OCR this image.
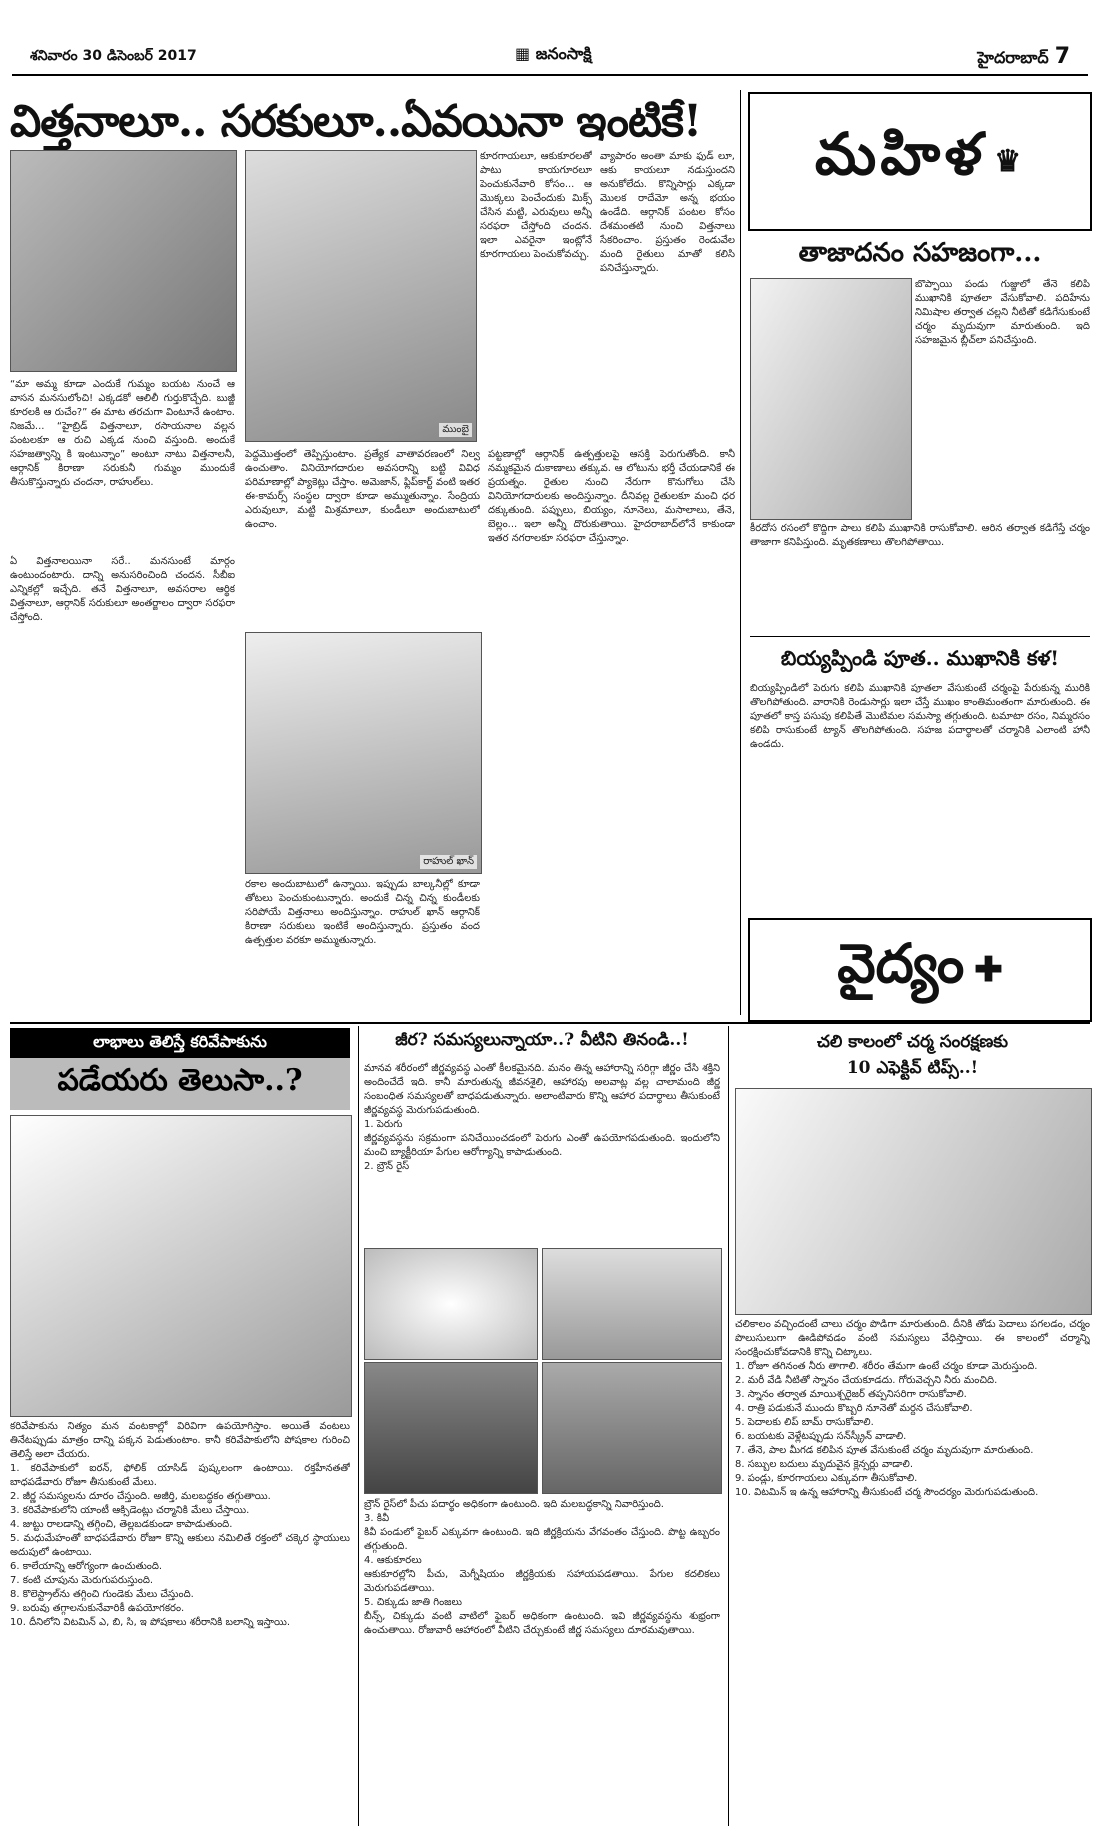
శనివారం 30 డిసెంబర్ 2017	▦ జనంసాక్షి	హైదరాబాద్ 7
విత్తనాలూ.. సరకులూ..ఏవయినా ఇంటికే!
ముంబై
కూరగాయలూ, ఆకుకూరలతో పాటు కాయగూరలూ పెంచుకునేవారి కోసం... ఆ మొక్కలు పెంచేందుకు మిక్స్ చేసిన మట్టి, ఎరువులు అన్నీ సరఫరా చేస్తోంది చందన. ఇలా ఎవరైనా ఇంట్లోనే కూరగాయలు పెంచుకోవచ్చు.
వ్యాపారం అంతా మాకు ఫుడ్ లూ, ఆకు కాయలూ నడుస్తుందని అనుకోలేదు. కొన్నిసార్లు ఎక్కడా మొలక రాదేమో అన్న భయం ఉండేది. ఆర్గానిక్ పంటల కోసం దేశమంతటి నుంచి విత్తనాలు సేకరించాం. ప్రస్తుతం రెండువేల మంది రైతులు మాతో కలిసి పనిచేస్తున్నారు.
“మా అమ్మ కూడా ఎందుకే గుమ్మం బయట నుంచే ఆ వాసన మనసులోంచి! ఎక్కడకో ఆలిలీ గుర్తుకొచ్చేది. బుజ్జీ కూరలకి ఆ రుచేం?” ఈ మాట తరచుగా వింటూనే ఉంటాం. నిజమే... “హైబ్రిడ్ విత్తనాలూ, రసాయనాల వల్లన పంటలకూ ఆ రుచి ఎక్కడ నుంచి వస్తుంది. అందుకే సహజత్వాన్ని కి ఇంటున్నాం” అంటూ నాటు విత్తనాలనీ, ఆర్గానిక్ కిరాణా సరుకునీ గుమ్మం ముందుకే తీసుకొస్తున్నారు చందనా, రాహుల్‌లు.
ఏ విత్తనాలయినా సరే.. మనసుంటే మార్గం ఉంటుందంటారు. దాన్ని అనుసరించింది చందన. సీబీఐ ఎన్నికల్లో ఇచ్చేది. తనే విత్తనాలూ, అవసరాల ఆర్థిక విత్తనాలూ, ఆర్గానిక్ సరుకులూ అంతర్జాలం ద్వారా సరఫరా చేస్తోంది.
పెద్దమొత్తంలో తెప్పిస్తుంటాం. ప్రత్యేక వాతావరణంలో నిల్వ ఉంచుతాం. వినియోగదారుల అవసరాన్ని బట్టి వివిధ పరిమాణాల్లో ప్యాకెట్లు చేస్తాం. అమెజాన్, ఫ్లిప్‌కార్ట్ వంటి ఇతర ఈ-కామర్స్ సంస్థల ద్వారా కూడా అమ్ముతున్నాం. సేంద్రియ ఎరువులూ, మట్టి మిశ్రమాలూ, కుండీలూ అందుబాటులో ఉంచాం.
రాహుల్ ఖాన్
రకాల అందుబాటులో ఉన్నాయి. ఇప్పుడు బాల్కనీల్లో కూడా తోటలు పెంచుకుంటున్నారు. అందుకే చిన్న చిన్న కుండీలకు సరిపోయే విత్తనాలు అందిస్తున్నాం. రాహుల్ ఖాన్ ఆర్గానిక్ కిరాణా సరుకులు ఇంటికే అందిస్తున్నారు. ప్రస్తుతం వంద ఉత్పత్తుల వరకూ అమ్ముతున్నారు.
పట్టణాల్లో ఆర్గానిక్ ఉత్పత్తులపై ఆసక్తి పెరుగుతోంది. కానీ నమ్మకమైన దుకాణాలు తక్కువ. ఆ లోటును భర్తీ చేయడానికే ఈ ప్రయత్నం. రైతుల నుంచి నేరుగా కొనుగోలు చేసి వినియోగదారులకు అందిస్తున్నాం. దీనివల్ల రైతులకూ మంచి ధర దక్కుతుంది. పప్పులు, బియ్యం, నూనెలు, మసాలాలు, తేనె, బెల్లం... ఇలా అన్నీ దొరుకుతాయి. హైదరాబాద్‌లోనే కాకుండా ఇతర నగరాలకూ సరఫరా చేస్తున్నాం.
మహిళ ♛
తాజాదనం సహజంగా...
బొప్పాయి పండు గుజ్జులో తేనె కలిపి ముఖానికి పూతలా వేసుకోవాలి. పదిహేను నిమిషాల తర్వాత చల్లని నీటితో కడిగేసుకుంటే చర్మం మృదువుగా మారుతుంది. ఇది సహజమైన బ్లీచ్‌లా పనిచేస్తుంది.
కీరదోస రసంలో కొద్దిగా పాలు కలిపి ముఖానికి రాసుకోవాలి. ఆరిన తర్వాత కడిగేస్తే చర్మం తాజాగా కనిపిస్తుంది. మృతకణాలు తొలగిపోతాయి.
బియ్యప్పిండి పూత.. ముఖానికి కళ!
బియ్యప్పిండిలో పెరుగు కలిపి ముఖానికి పూతలా వేసుకుంటే చర్మంపై పేరుకున్న మురికి తొలగిపోతుంది. వారానికి రెండుసార్లు ఇలా చేస్తే ముఖం కాంతిమంతంగా మారుతుంది. ఈ పూతలో కాస్త పసుపు కలిపితే మొటిమల సమస్యా తగ్గుతుంది. టమాటా రసం, నిమ్మరసం కలిపి రాసుకుంటే ట్యాన్ తొలగిపోతుంది. సహజ పదార్థాలతో చర్మానికి ఎలాంటి హానీ ఉండదు.
వైద్యం ✚
లాభాలు తెలిస్తే కరివేపాకును
పడేయరు తెలుసా..?
కరివేపాకును నిత్యం మన వంటకాల్లో విరివిగా ఉపయోగిస్తాం. అయితే వంటలు తినేటప్పుడు మాత్రం దాన్ని పక్కన పెడుతుంటాం. కానీ కరివేపాకులోని పోషకాల గురించి తెలిస్తే అలా చేయరు.
1. కరివేపాకులో ఐరన్, ఫోలిక్ యాసిడ్ పుష్కలంగా ఉంటాయి. రక్తహీనతతో బాధపడేవారు రోజూ తీసుకుంటే మేలు.
2. జీర్ణ సమస్యలను దూరం చేస్తుంది. అజీర్తి, మలబద్ధకం తగ్గుతాయి.
3. కరివేపాకులోని యాంటీ ఆక్సిడెంట్లు చర్మానికి మేలు చేస్తాయి.
4. జుట్టు రాలడాన్ని తగ్గించి, తెల్లబడకుండా కాపాడుతుంది.
5. మధుమేహంతో బాధపడేవారు రోజూ కొన్ని ఆకులు నమిలితే రక్తంలో చక్కెర స్థాయులు అదుపులో ఉంటాయి.
6. కాలేయాన్ని ఆరోగ్యంగా ఉంచుతుంది.
7. కంటి చూపును మెరుగుపరుస్తుంది.
8. కొలెస్ట్రాల్‌ను తగ్గించి గుండెకు మేలు చేస్తుంది.
9. బరువు తగ్గాలనుకునేవారికీ ఉపయోగకరం.
10. దీనిలోని విటమిన్ ఎ, బి, సి, ఇ పోషకాలు శరీరానికి బలాన్ని ఇస్తాయి.
జీర? సమస్యలున్నాయా..? వీటిని తినండి..!
మానవ శరీరంలో జీర్ణవ్యవస్థ ఎంతో కీలకమైనది. మనం తిన్న ఆహారాన్ని సరిగ్గా జీర్ణం చేసి శక్తిని అందించేదే ఇది. కానీ మారుతున్న జీవనశైలి, ఆహారపు అలవాట్ల వల్ల చాలామంది జీర్ణ సంబంధిత సమస్యలతో బాధపడుతున్నారు. అలాంటివారు కొన్ని ఆహార పదార్థాలు తీసుకుంటే జీర్ణవ్యవస్థ మెరుగుపడుతుంది.
1. పెరుగు
జీర్ణవ్యవస్థను సక్రమంగా పనిచేయించడంలో పెరుగు ఎంతో ఉపయోగపడుతుంది. ఇందులోని మంచి బ్యాక్టీరియా పేగుల ఆరోగ్యాన్ని కాపాడుతుంది.
2. బ్రౌన్ రైస్
బ్రౌన్ రైస్‌లో పీచు పదార్థం అధికంగా ఉంటుంది. ఇది మలబద్ధకాన్ని నివారిస్తుంది.
3. కివీ
కివీ పండులో ఫైబర్ ఎక్కువగా ఉంటుంది. ఇది జీర్ణక్రియను వేగవంతం చేస్తుంది. పొట్ట ఉబ్బరం తగ్గుతుంది.
4. ఆకుకూరలు
ఆకుకూరల్లోని పీచు, మెగ్నీషియం జీర్ణక్రియకు సహాయపడతాయి. పేగుల కదలికలు మెరుగుపడతాయి.
5. చిక్కుడు జాతి గింజలు
బీన్స్, చిక్కుడు వంటి వాటిలో ఫైబర్ అధికంగా ఉంటుంది. ఇవి జీర్ణవ్యవస్థను శుభ్రంగా ఉంచుతాయి. రోజువారీ ఆహారంలో వీటిని చేర్చుకుంటే జీర్ణ సమస్యలు దూరమవుతాయి.
చలి కాలంలో చర్మ సంరక్షణకు
10 ఎఫెక్టివ్ టిప్స్..!
చలికాలం వచ్చిందంటే చాలు చర్మం పొడిగా మారుతుంది. దీనికి తోడు పెదాలు పగలడం, చర్మం పొలుసులుగా ఊడిపోవడం వంటి సమస్యలు వేధిస్తాయి. ఈ కాలంలో చర్మాన్ని సంరక్షించుకోవడానికి కొన్ని చిట్కాలు.
1. రోజూ తగినంత నీరు తాగాలి. శరీరం తేమగా ఉంటే చర్మం కూడా మెరుస్తుంది.
2. మరీ వేడి నీటితో స్నానం చేయకూడదు. గోరువెచ్చని నీరు మంచిది.
3. స్నానం తర్వాత మాయిశ్చరైజర్ తప్పనిసరిగా రాసుకోవాలి.
4. రాత్రి పడుకునే ముందు కొబ్బరి నూనెతో మర్దన చేసుకోవాలి.
5. పెదాలకు లిప్ బామ్ రాసుకోవాలి.
6. బయటకు వెళ్లేటప్పుడు సన్‌స్క్రీన్ వాడాలి.
7. తేనె, పాల మీగడ కలిపిన పూత వేసుకుంటే చర్మం మృదువుగా మారుతుంది.
8. సబ్బుల బదులు మృదువైన క్లెన్సర్లు వాడాలి.
9. పండ్లు, కూరగాయలు ఎక్కువగా తీసుకోవాలి.
10. విటమిన్ ఇ ఉన్న ఆహారాన్ని తీసుకుంటే చర్మ సౌందర్యం మెరుగుపడుతుంది.
